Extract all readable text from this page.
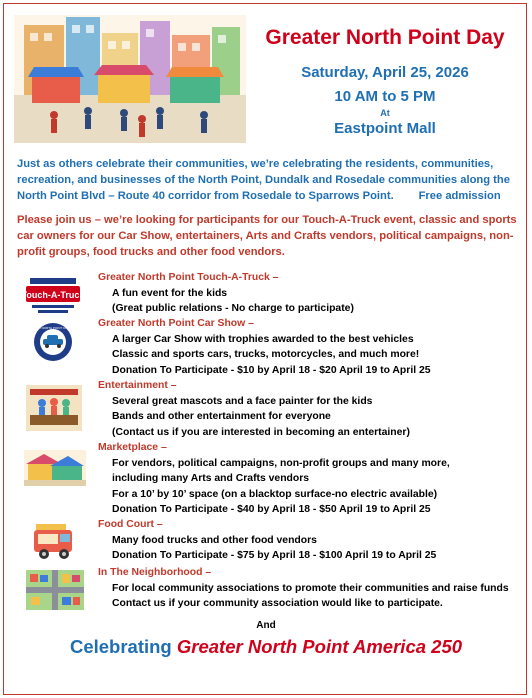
Greater North Point Day
Saturday, April 25, 2026
10 AM to 5 PM
At
Eastpoint Mall
Just as others celebrate their communities, we’re celebrating the residents, communities, recreation, and businesses of the North Point, Dundalk and Rosedale communities along the North Point Blvd – Route 40 corridor from Rosedale to Sparrows Point. Free admission
Please join us – we’re looking for participants for our Touch-A-Truck event, classic and sports car owners for our Car Show, entertainers, Arts and Crafts vendors, political campaigns, non-profit groups, food trucks and other food vendors.
Touch-A-Truck
GREATER NORTH POINT CAR SHOW
Greater North Point Touch-A-Truck –
A fun event for the kids
(Great public relations - No charge to participate)
Greater North Point Car Show –
A larger Car Show with trophies awarded to the best vehicles
Classic and sports cars, trucks, motorcycles, and much more!
Donation To Participate - $10 by April 18 - $20 April 19 to April 25
Entertainment –
Several great mascots and a face painter for the kids
Bands and other entertainment for everyone
(Contact us if you are interested in becoming an entertainer)
Marketplace –
For vendors, political campaigns, non-profit groups and many more,
including many Arts and Crafts vendors
For a 10’ by 10’ space (on a blacktop surface-no electric available)
Donation To Participate - $40 by April 18 - $50 April 19 to April 25
Food Court –
Many food trucks and other food vendors
Donation To Participate - $75 by April 18 - $100 April 19 to April 25
In The Neighborhood –
For local community associations to promote their communities and raise funds
Contact us if your community association would like to participate.
And
Celebrating Greater North Point America 250
